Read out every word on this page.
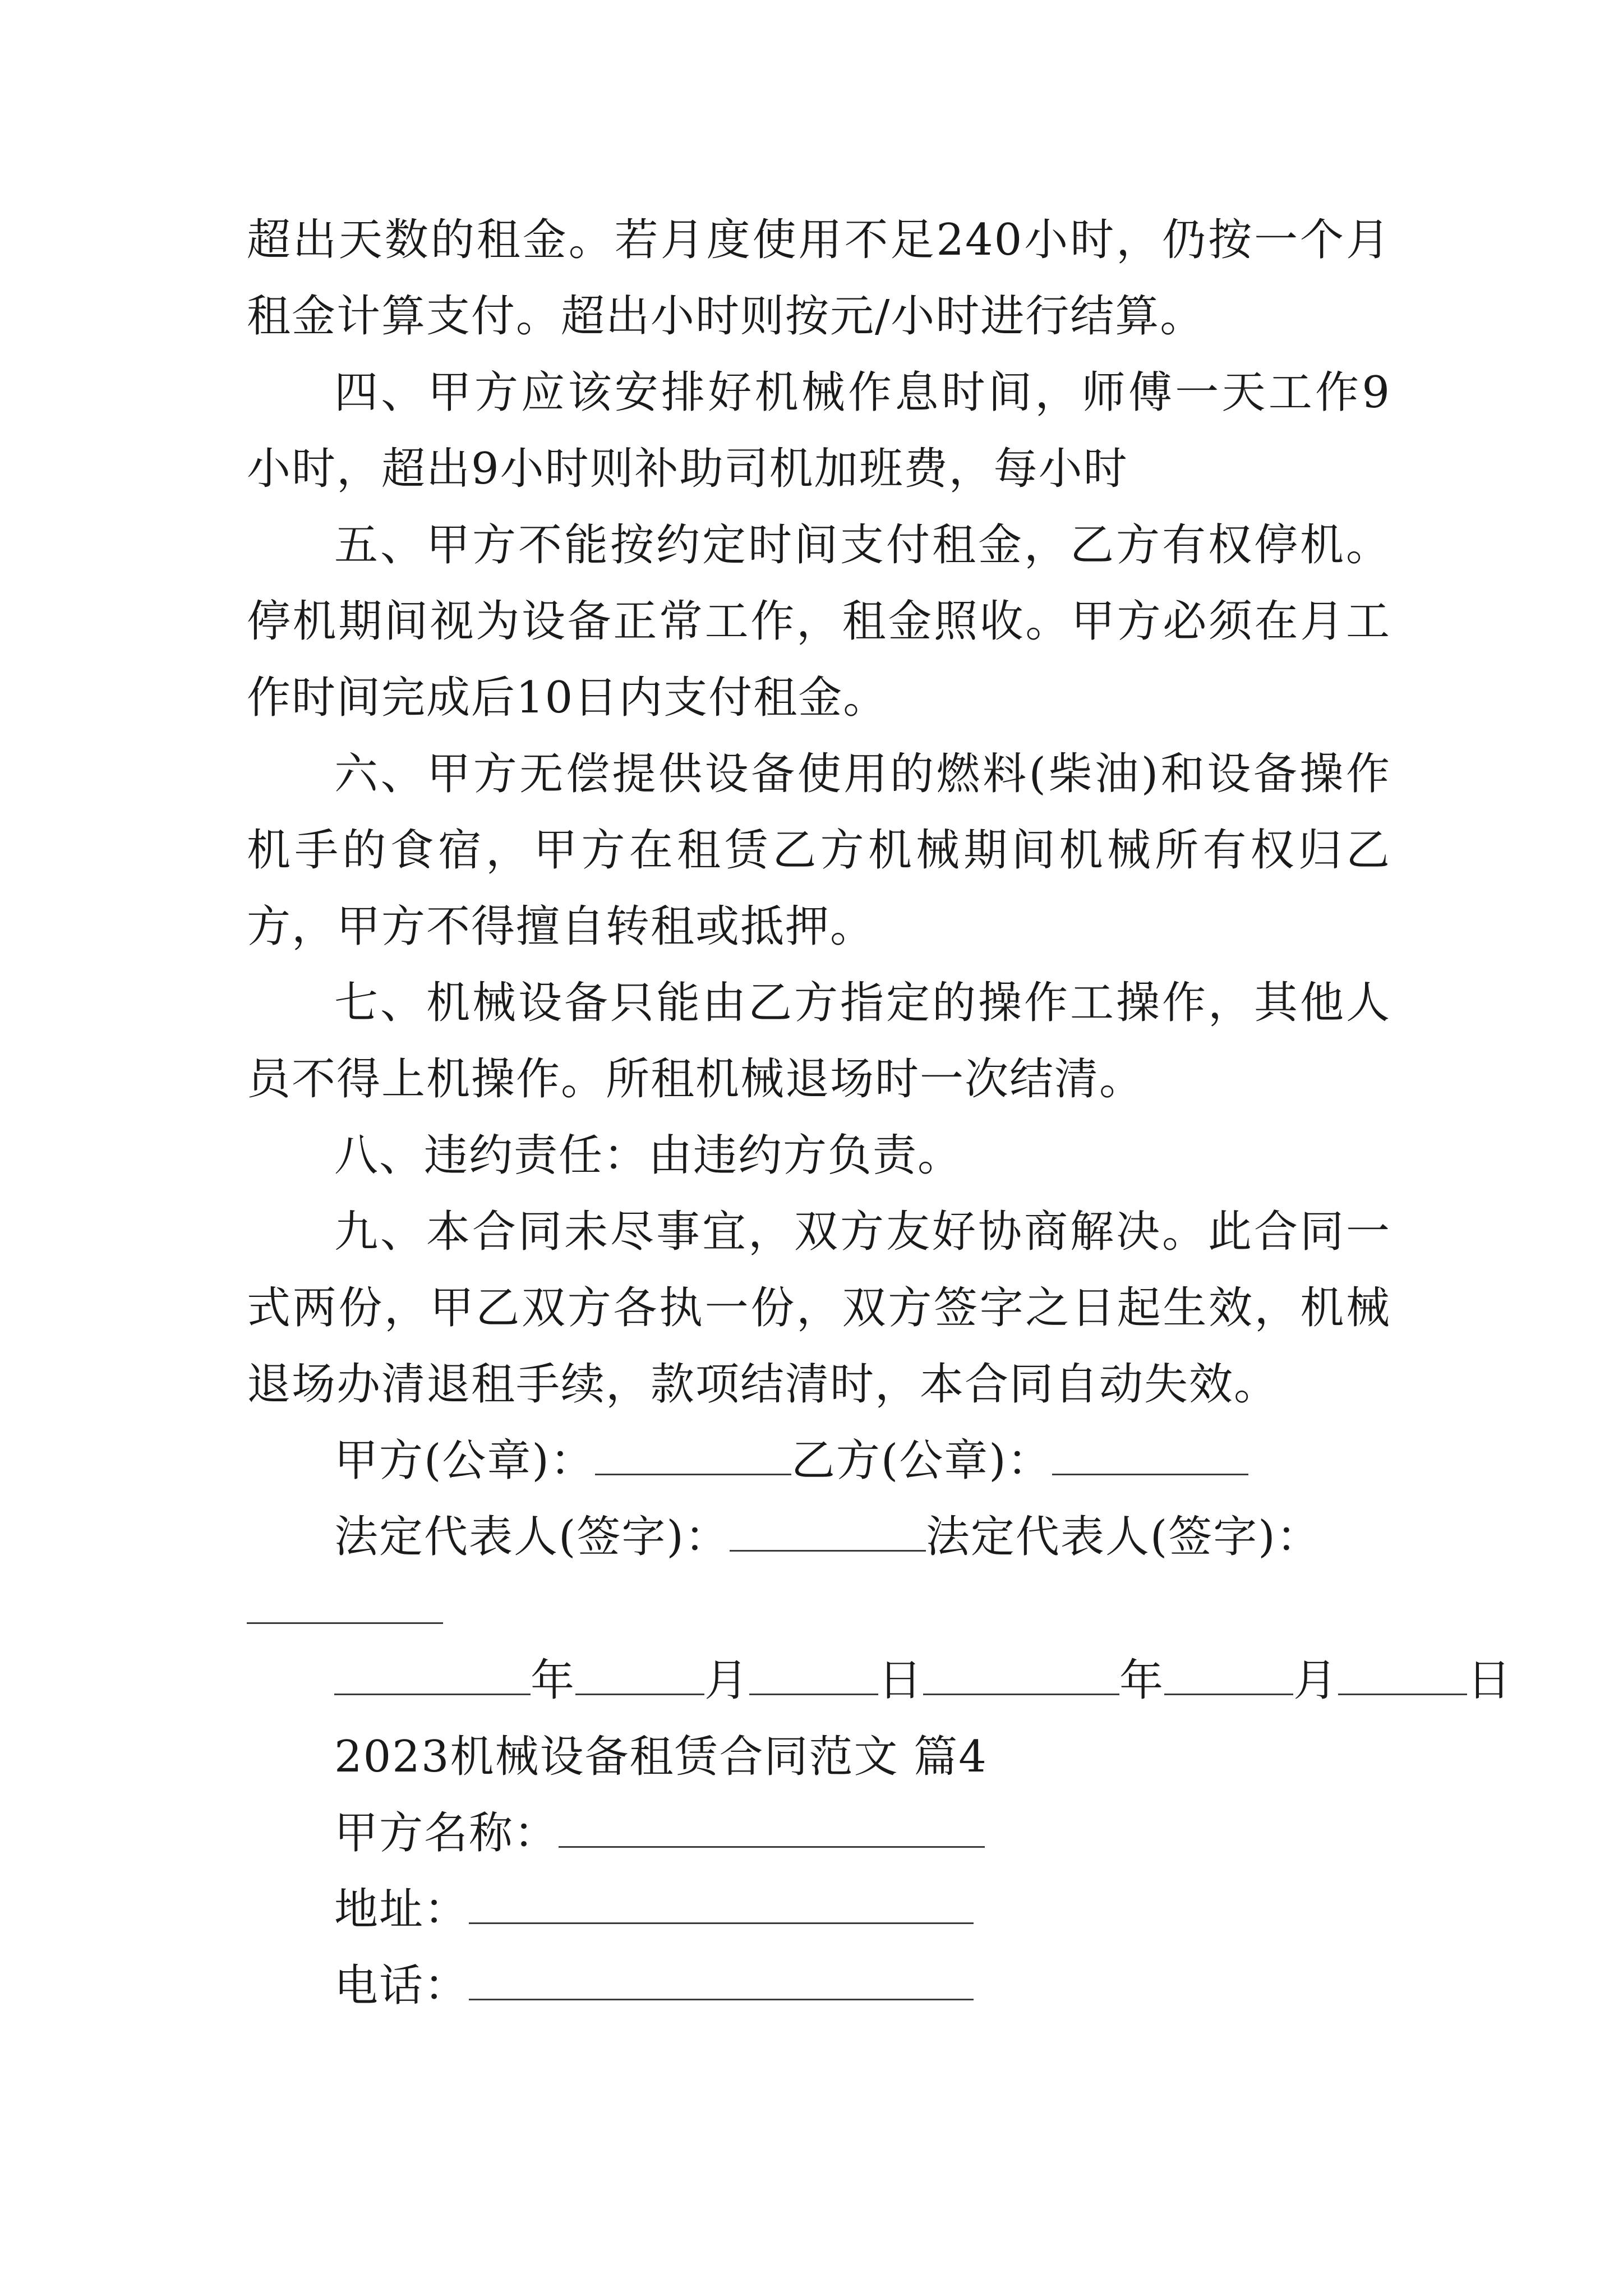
超出天数的租金。若月度使用不足240小时，仍按一个月租金计算支付。超出小时则按元/小时进行结算。

四、甲方应该安排好机械作息时间，师傅一天工作9小时，超出9小时则补助司机加班费，每小时

五、甲方不能按约定时间支付租金，乙方有权停机。停机期间视为设备正常工作，租金照收。甲方必须在月工作时间完成后10日内支付租金。

六、甲方无偿提供设备使用的燃料(柴油)和设备操作机手的食宿，甲方在租赁乙方机械期间机械所有权归乙方，甲方不得擅自转租或抵押。

七、机械设备只能由乙方指定的操作工操作，其他人员不得上机操作。所租机械退场时一次结清。

八、违约责任：由违约方负责。

九、本合同未尽事宜，双方友好协商解决。此合同一式两份，甲乙双方各执一份，双方签字之日起生效，机械退场办清退租手续，款项结清时，本合同自动失效。

甲方(公章)：	乙方(公章)：

法定代表人(签字)：	法定代表人(签字)：

年	月	日	年	月	日

2023机械设备租赁合同范文 篇4

甲方名称：

地址：

电话：
